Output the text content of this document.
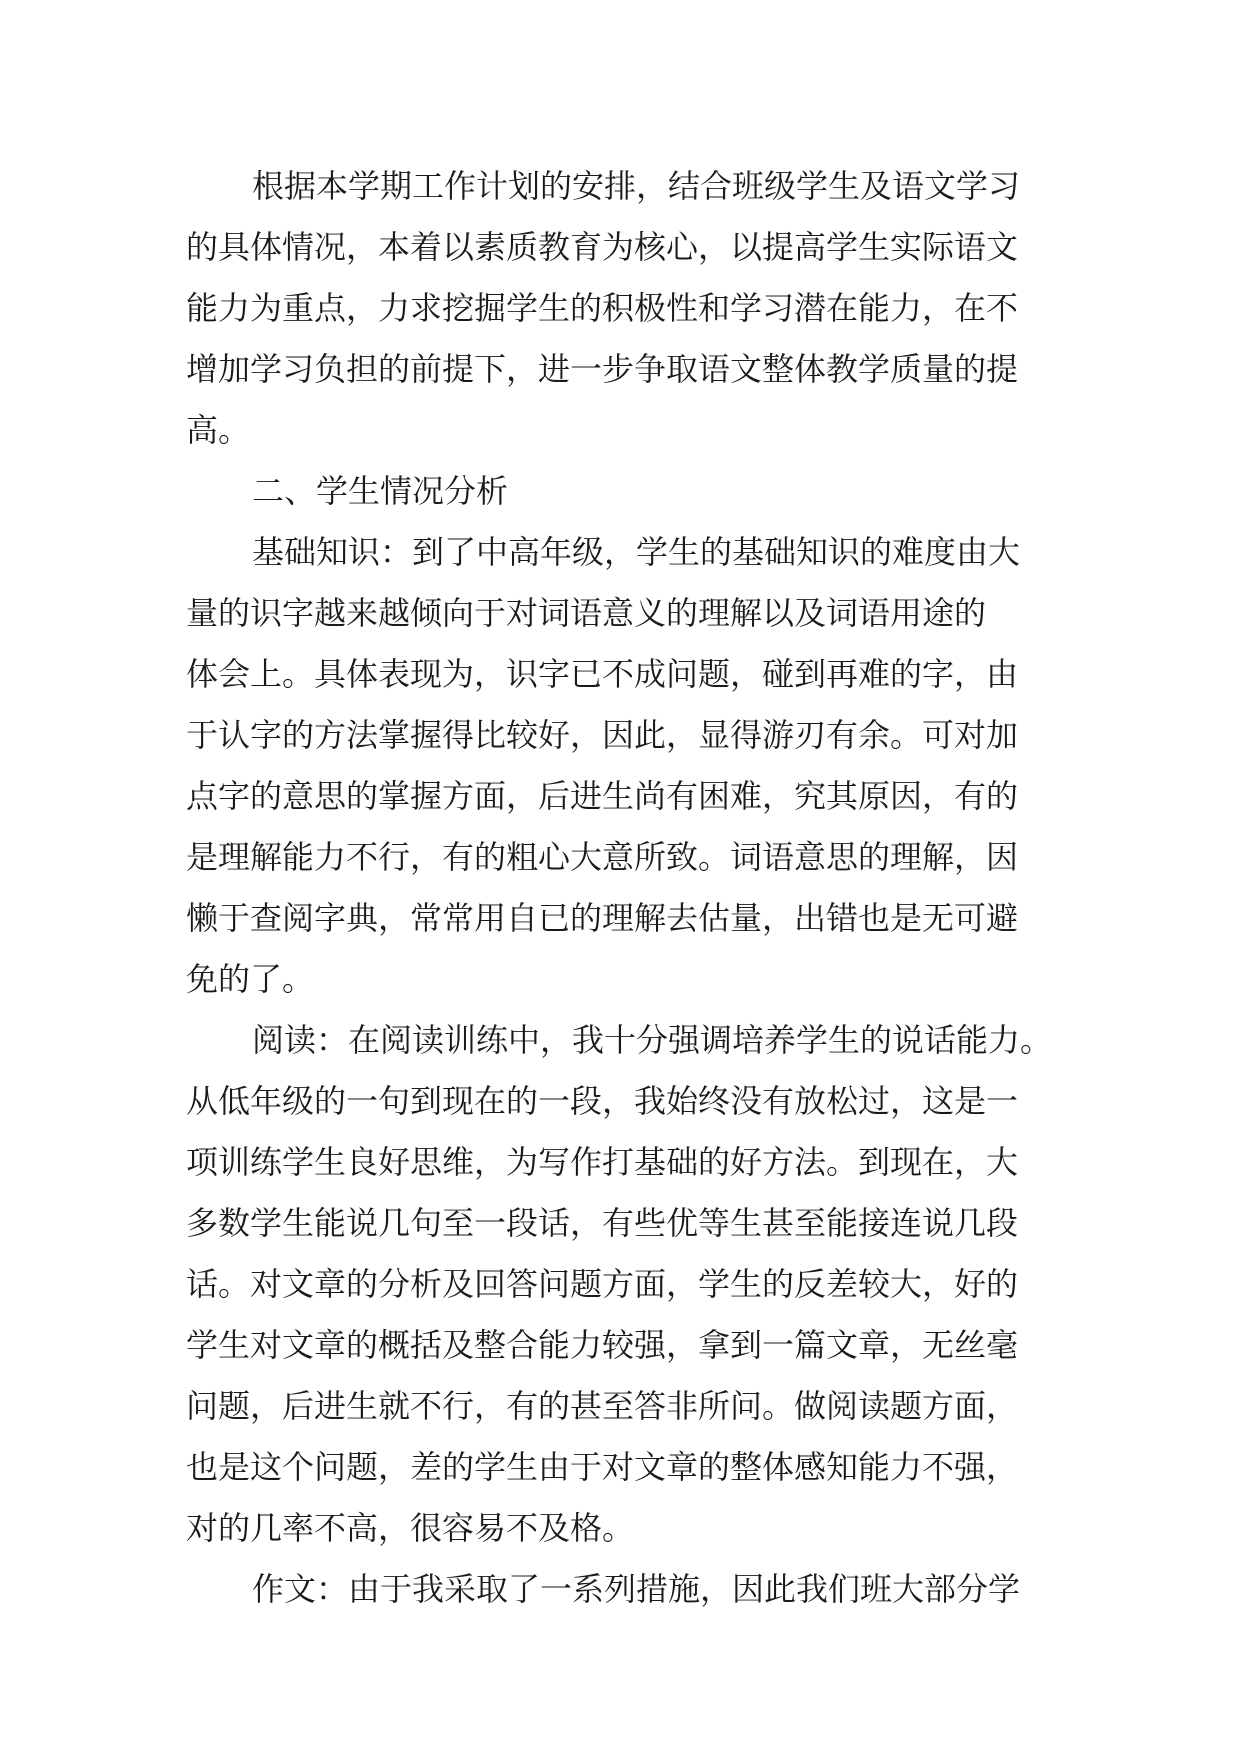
根据本学期工作计划的安排，结合班级学生及语文学习

的具体情况，本着以素质教育为核心，以提高学生实际语文

能力为重点，力求挖掘学生的积极性和学习潜在能力，在不

增加学习负担的前提下，进一步争取语文整体教学质量的提

高。

二、学生情况分析

基础知识：到了中高年级，学生的基础知识的难度由大

量的识字越来越倾向于对词语意义的理解以及词语用途的

体会上。具体表现为，识字已不成问题，碰到再难的字，由

于认字的方法掌握得比较好，因此，显得游刃有余。可对加

点字的意思的掌握方面，后进生尚有困难，究其原因，有的

是理解能力不行，有的粗心大意所致。词语意思的理解，因

懒于查阅字典，常常用自已的理解去估量，出错也是无可避

免的了。

阅读：在阅读训练中，我十分强调培养学生的说话能力。

从低年级的一句到现在的一段，我始终没有放松过，这是一

项训练学生良好思维，为写作打基础的好方法。到现在，大

多数学生能说几句至一段话，有些优等生甚至能接连说几段

话。对文章的分析及回答问题方面，学生的反差较大，好的

学生对文章的概括及整合能力较强，拿到一篇文章，无丝毫

问题，后进生就不行，有的甚至答非所问。做阅读题方面，

也是这个问题，差的学生由于对文章的整体感知能力不强，

对的几率不高，很容易不及格。

作文：由于我采取了一系列措施，因此我们班大部分学
